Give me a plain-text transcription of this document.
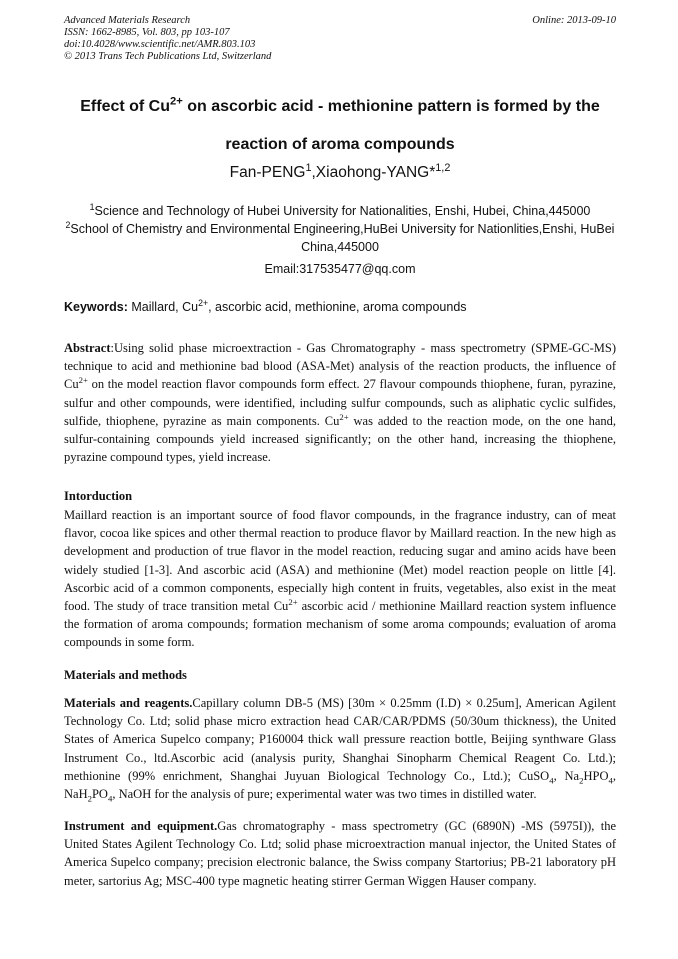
Advanced Materials Research
ISSN: 1662-8985, Vol. 803, pp 103-107
doi:10.4028/www.scientific.net/AMR.803.103
© 2013 Trans Tech Publications Ltd, Switzerland
Online: 2013-09-10
Effect of $Cu^{2+}$ on ascorbic acid - methionine pattern is formed by the reaction of aroma compounds
Fan-PENG$^1$,Xiaohong-YANG*$^{1,2}$
$^1$Science and Technology of Hubei University for Nationalities, Enshi, Hubei, China,445000
$^2$School of Chemistry and Environmental Engineering,HuBei University for Nationlities,Enshi, HuBei China,445000
Email:317535477@qq.com
Keywords: Maillard, $Cu^{2+}$, ascorbic acid, methionine, aroma compounds
Abstract:Using solid phase microextraction - Gas Chromatography - mass spectrometry (SPME-GC-MS) technique to acid and methionine bad blood (ASA-Met) analysis of the reaction products, the influence of $Cu^{2+}$ on the model reaction flavor compounds form effect. 27 flavour compounds thiophene, furan, pyrazine, sulfur and other compounds, were identified, including sulfur compounds, such as aliphatic cyclic sulfides, sulfide, thiophene, pyrazine as main components. $Cu^{2+}$ was added to the reaction mode, on the one hand, sulfur-containing compounds yield increased significantly; on the other hand, increasing the thiophene, pyrazine compound types, yield increase.
Intorduction
Maillard reaction is an important source of food flavor compounds, in the fragrance industry, can of meat flavor, cocoa like spices and other thermal reaction to produce flavor by Maillard reaction. In the new high as development and production of true flavor in the model reaction, reducing sugar and amino acids have been widely studied [1-3]. And ascorbic acid (ASA) and methionine (Met) model reaction people on little [4]. Ascorbic acid of a common components, especially high content in fruits, vegetables, also exist in the meat food. The study of trace transition metal $Cu^{2+}$ ascorbic acid / methionine Maillard reaction system influence the formation of aroma compounds; formation mechanism of some aroma compounds; evaluation of aroma compounds in some form.
Materials and methods
Materials and reagents.Capillary column DB-5 (MS) [30m × 0.25mm (I.D) × 0.25um], American Agilent Technology Co. Ltd; solid phase micro extraction head CAR/CAR/PDMS (50/30um thickness), the United States of America Supelco company; P160004 thick wall pressure reaction bottle, Beijing synthware Glass Instrument Co., ltd.Ascorbic acid (analysis purity, Shanghai Sinopharm Chemical Reagent Co. Ltd.); methionine (99% enrichment, Shanghai Juyuan Biological Technology Co., Ltd.); CuSO$_4$, $Na_2HPO_4$, $NaH_2PO_4$, NaOH for the analysis of pure; experimental water was two times in distilled water.
Instrument and equipment.Gas chromatography - mass spectrometry (GC (6890N) -MS (5975I)), the United States Agilent Technology Co. Ltd; solid phase microextraction manual injector, the United States of America Supelco company; precision electronic balance, the Swiss company Startorius; PB-21 laboratory pH meter, sartorius Ag; MSC-400 type magnetic heating stirrer German Wiggen Hauser company.
